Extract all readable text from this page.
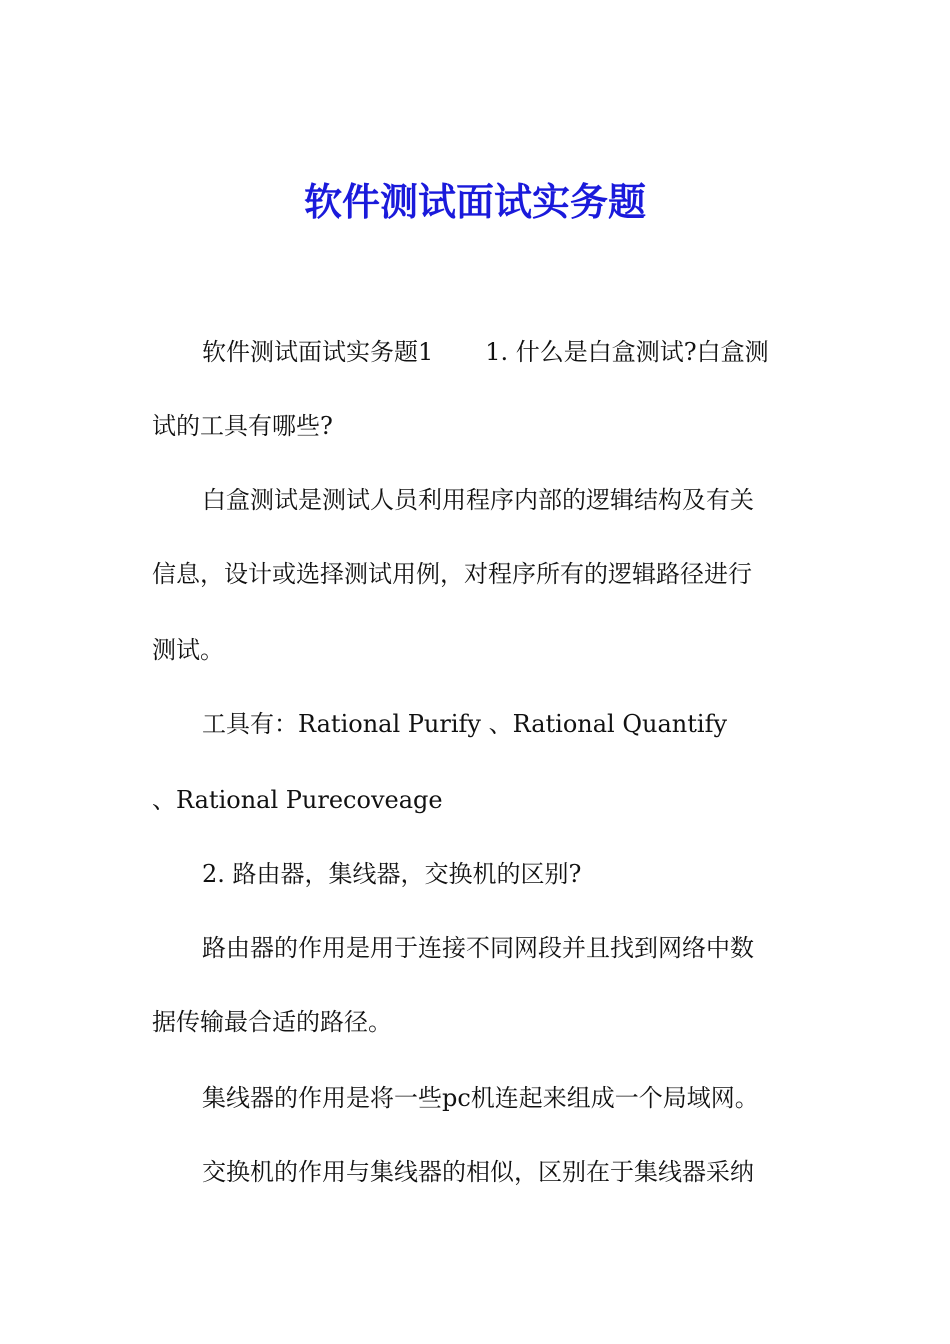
软件测试面试实务题

软件测试面试实务题1 1. 什么是白盒测试?白盒测

试的工具有哪些?

白盒测试是测试人员利用程序内部的逻辑结构及有关

信息，设计或选择测试用例，对程序所有的逻辑路径进行

测试。

工具有：Rational Purify 、Rational Quantify

、Rational Purecoveage

2. 路由器，集线器，交换机的区别?

路由器的作用是用于连接不同网段并且找到网络中数

据传输最合适的路径。

集线器的作用是将一些pc机连起来组成一个局域网。

交换机的作用与集线器的相似，区别在于集线器采纳
